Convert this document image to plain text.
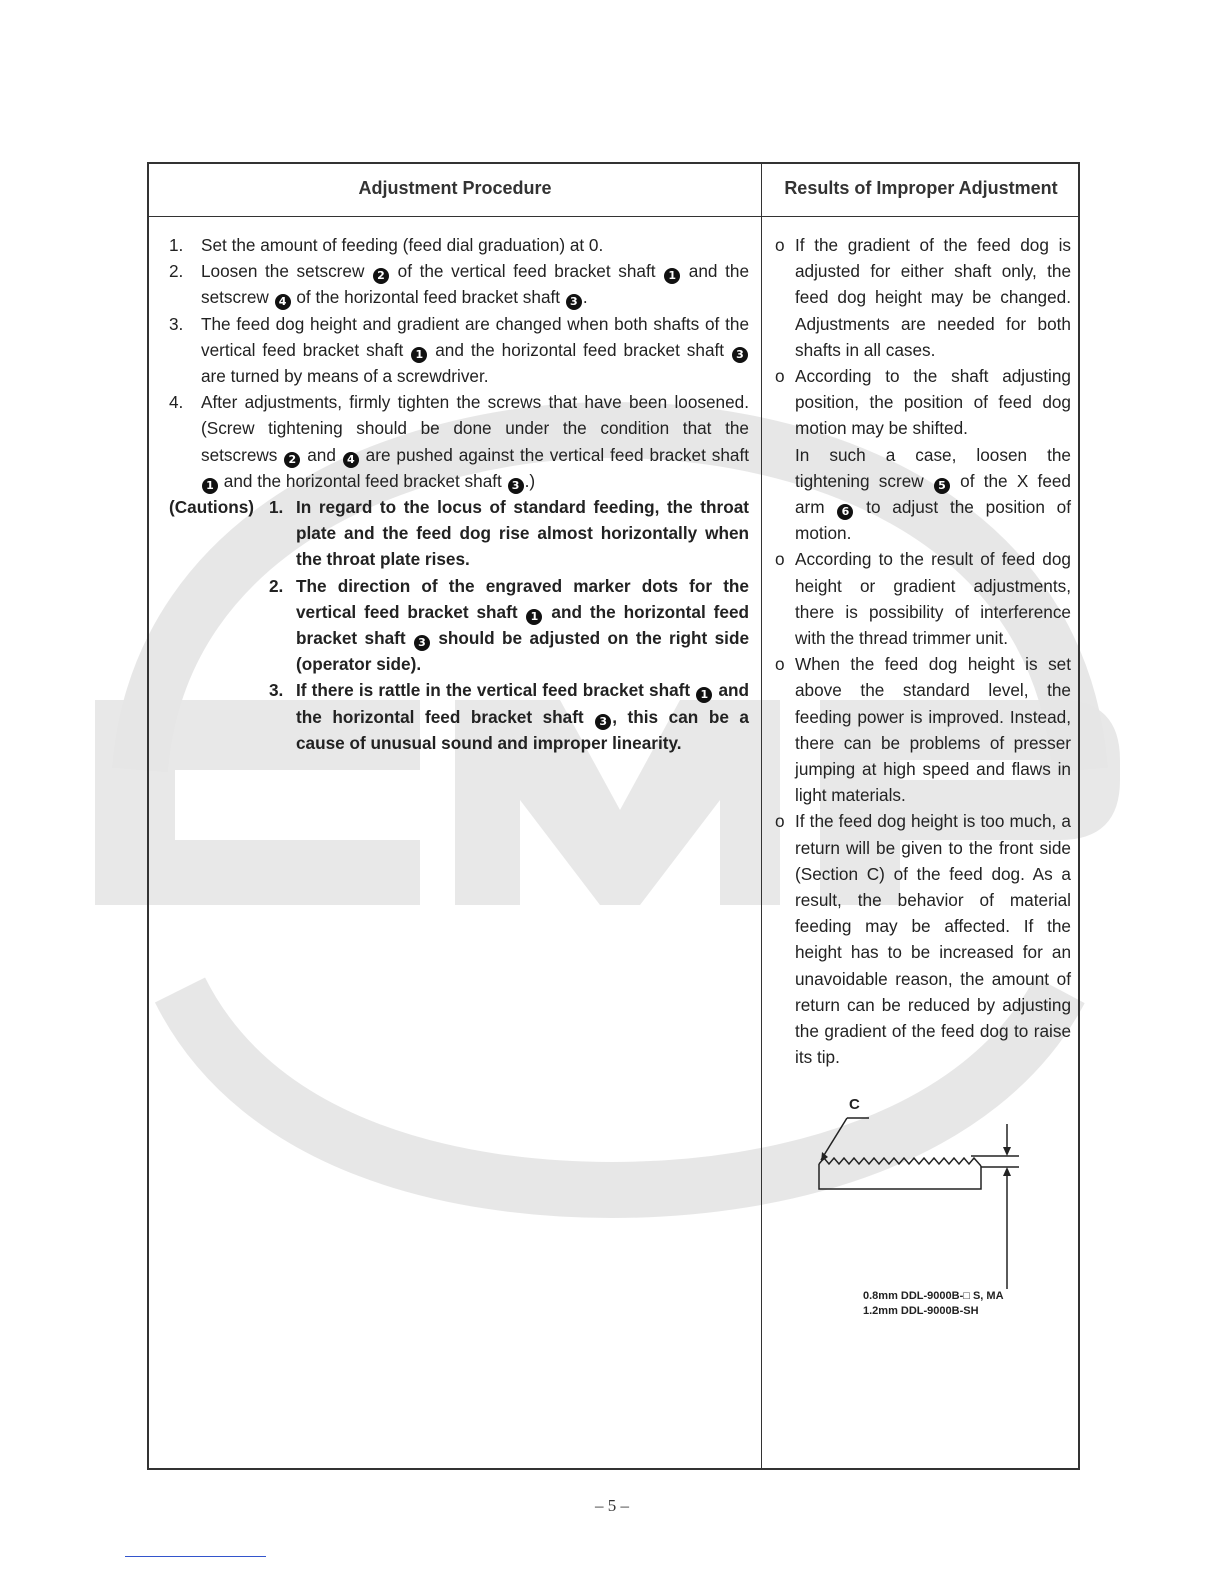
Adjustment Procedure	Results of Improper Adjustment
1. Set the amount of feeding (feed dial graduation) at 0.
2. Loosen the setscrew 2 of the vertical feed bracket shaft 1 and the setscrew 4 of the horizontal feed bracket shaft 3 .
3. The feed dog height and gradient are changed when both shafts of the vertical feed bracket shaft 1 and the horizontal feed bracket shaft 3 are turned by means of a screwdriver.
4. After adjustments, firmly tighten the screws that have been loosened. (Screw tightening should be done under the condition that the setscrews 2 and 4 are pushed against the vertical feed bracket shaft 1 and the horizontal feed bracket shaft 3 .)
(Cautions) 1. In regard to the locus of standard feeding, the throat plate and the feed dog rise almost horizontally when the throat plate rises.
2. The direction of the engraved marker dots for the vertical feed bracket shaft 1 and the horizontal feed bracket shaft 3 should be adjusted on the right side (operator side).
3. If there is rattle in the vertical feed bracket shaft 1 and the horizontal feed bracket shaft 3 , this can be a cause of unusual sound and improper linearity.
o If the gradient of the feed dog is adjusted for either shaft only, the feed dog height may be changed. Adjustments are needed for both shafts in all cases.
o According to the shaft adjusting position, the position of feed dog motion may be shifted.
In such a case, loosen the tightening screw 5 of the X feed arm 6 to adjust the position of motion.
o According to the result of feed dog height or gradient adjustments, there is possibility of interference with the thread trimmer unit.
o When the feed dog height is set above the standard level, the feeding power is improved. Instead, there can be problems of presser jumping at high speed and flaws in light materials.
o If the feed dog height is too much, a return will be given to the front side (Section C) of the feed dog. As a result, the behavior of material feeding may be affected. If the height has to be increased for an unavoidable reason, the amount of return can be reduced by adjusting the gradient of the feed dog to raise its tip.
C
0.8mm DDL-9000B-□ S, MA
1.2mm DDL-9000B-SH
– 5 –
